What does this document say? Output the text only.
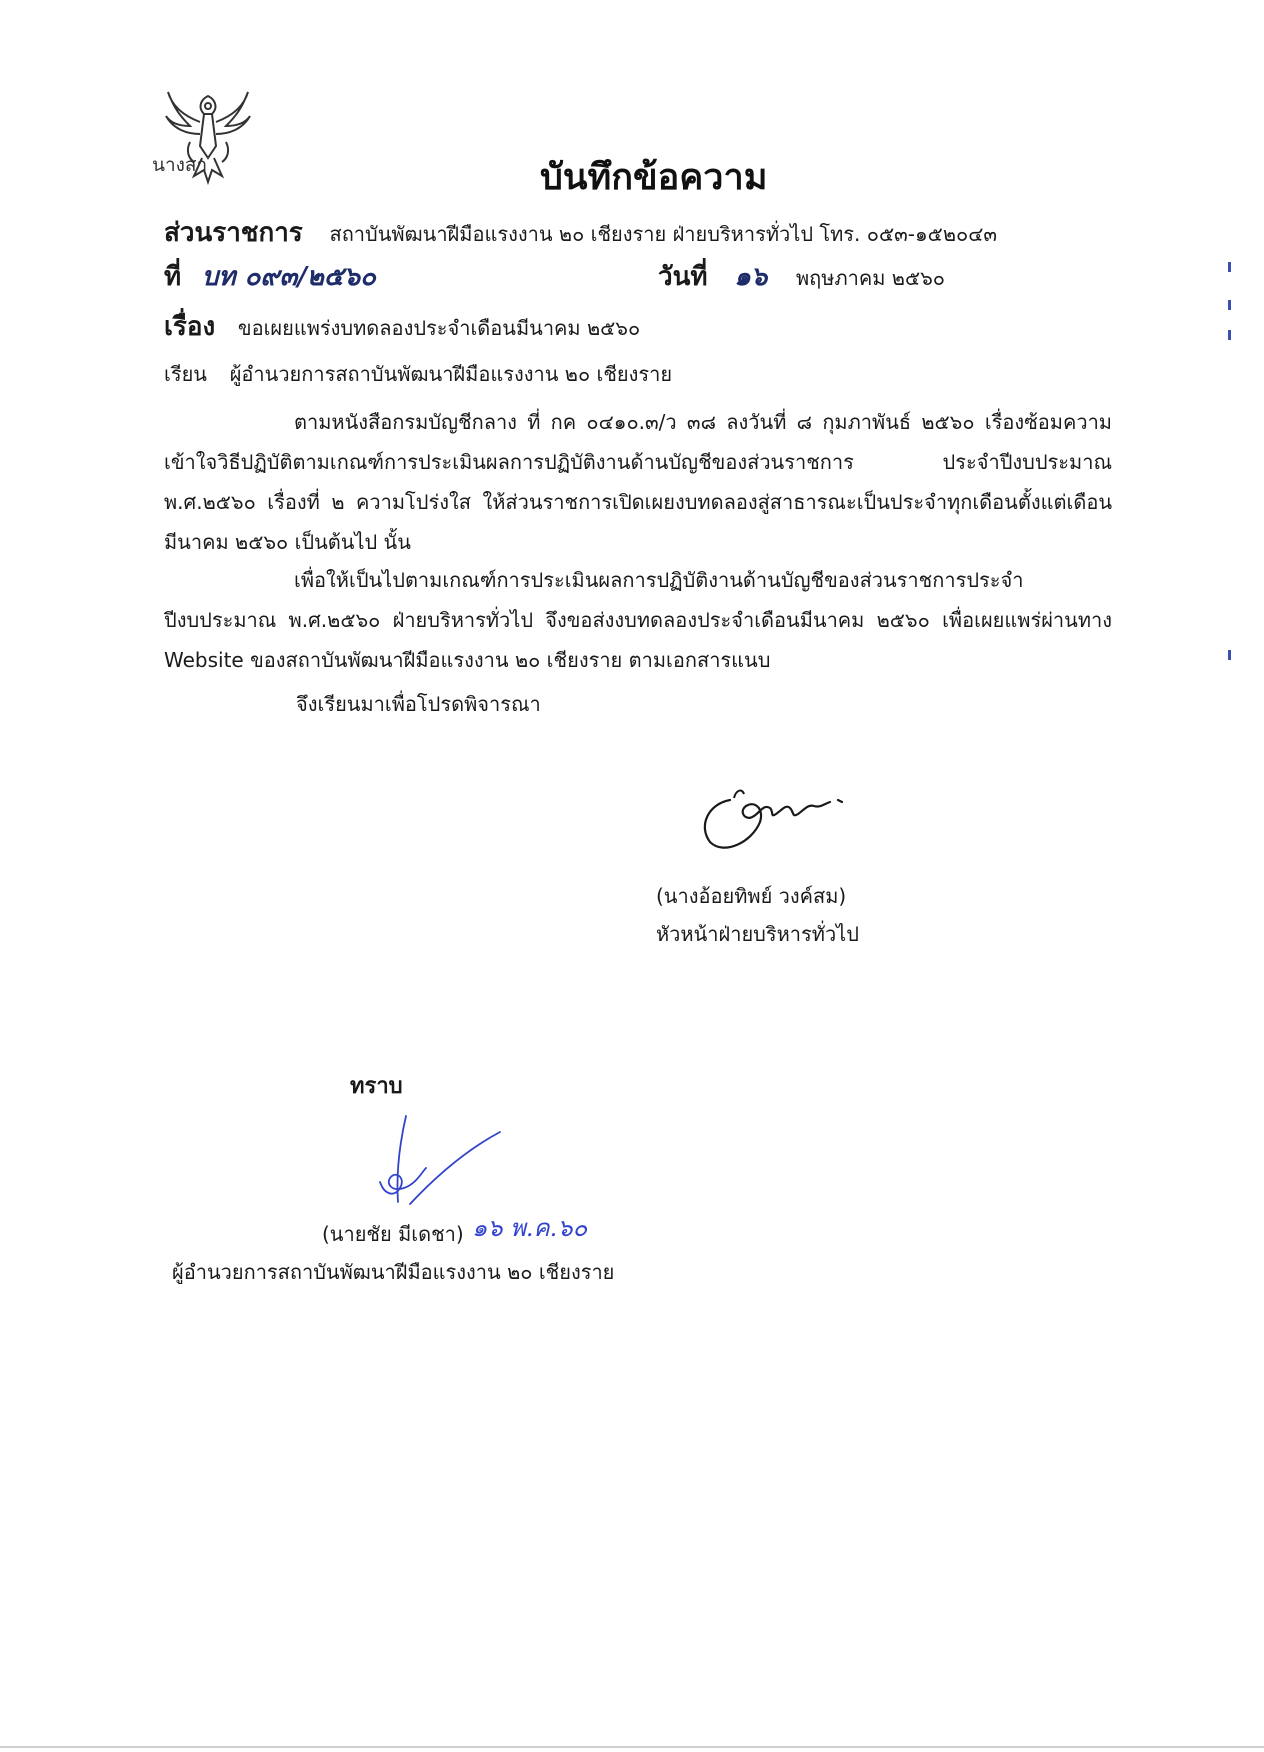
นางสา	บันทึกข้อความ
ส่วนราชการ สถาบันพัฒนาฝีมือแรงงาน ๒๐ เชียงราย ฝ่ายบริหารทั่วไป โทร. ๐๕๓-๑๕๒๐๔๓
ที่ บท ๐๙๓/๒๕๖๐	วันที่ ๑๖ พฤษภาคม ๒๕๖๐
เรื่อง ขอเผยแพร่งบทดลองประจำเดือนมีนาคม ๒๕๖๐
เรียน ผู้อำนวยการสถาบันพัฒนาฝีมือแรงงาน ๒๐ เชียงราย
ตามหนังสือกรมบัญชีกลาง ที่ กค ๐๔๑๐.๓/ว ๓๘ ลงวันที่ ๘ กุมภาพันธ์ ๒๕๖๐ เรื่องซ้อมความเข้าใจวิธีปฏิบัติตามเกณฑ์การประเมินผลการปฏิบัติงานด้านบัญชีของส่วนราชการ ประจำปีงบประมาณ พ.ศ.๒๕๖๐ เรื่องที่ ๒ ความโปร่งใส ให้ส่วนราชการเปิดเผยงบทดลองสู่สาธารณะเป็นประจำทุกเดือนตั้งแต่เดือนมีนาคม ๒๕๖๐ เป็นต้นไป นั้น
เพื่อให้เป็นไปตามเกณฑ์การประเมินผลการปฏิบัติงานด้านบัญชีของส่วนราชการประจำปีงบประมาณ พ.ศ.๒๕๖๐ ฝ่ายบริหารทั่วไป จึงขอส่งงบทดลองประจำเดือนมีนาคม ๒๕๖๐ เพื่อเผยแพร่ผ่านทาง Website ของสถาบันพัฒนาฝีมือแรงงาน ๒๐ เชียงราย ตามเอกสารแนบ
จึงเรียนมาเพื่อโปรดพิจารณา
(นางอ้อยทิพย์ วงค์สม)
หัวหน้าฝ่ายบริหารทั่วไป
ทราบ
(นายชัย มีเดชา) ๑๖ พ.ค.๖๐
ผู้อำนวยการสถาบันพัฒนาฝีมือแรงงาน ๒๐ เชียงราย
